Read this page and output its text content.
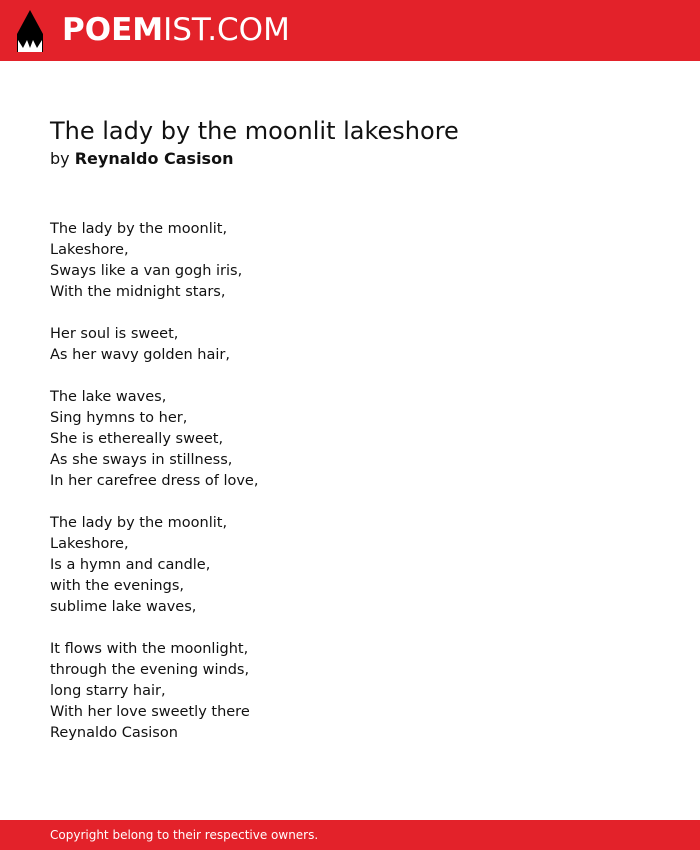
POEM IST.COM
The lady by the moonlit lakeshore
by Reynaldo Casison

The lady by the moonlit,
Lakeshore,
Sways like a van gogh iris,
With the midnight stars,

Her soul is sweet,
As her wavy golden hair,

The lake waves,
Sing hymns to her,
She is ethereally sweet,
As she sways in stillness,
In her carefree dress of love,

The lady by the moonlit,
Lakeshore,
Is a hymn and candle,
with the evenings,
sublime lake waves,

It flows with the moonlight,
through the evening winds,
long starry hair,
With her love sweetly there
Reynaldo Casison

Copyright belong to their respective owners.
